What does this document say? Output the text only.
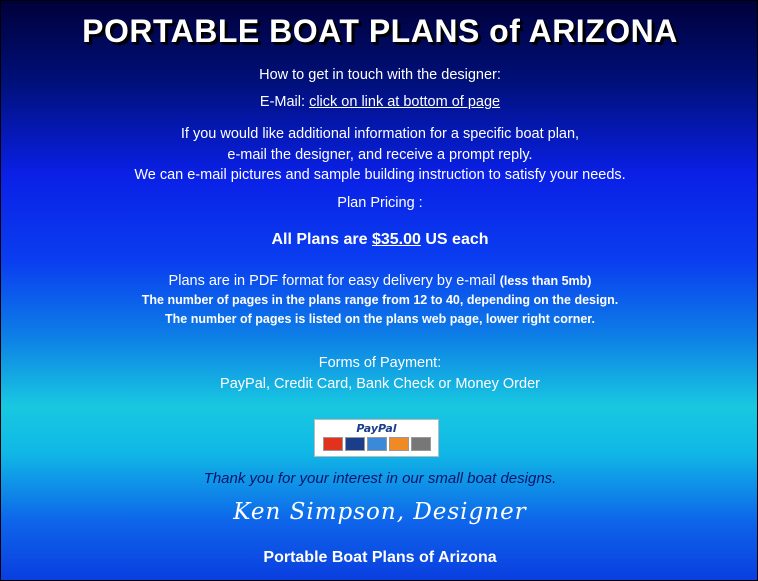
PORTABLE BOAT PLANS of ARIZONA
How to get in touch with the designer:
E-Mail: click on link at bottom of page
If you would like additional information for a specific boat plan,
e-mail the designer, and receive a prompt reply.
We can e-mail pictures and sample building instruction to satisfy your needs.
Plan Pricing :
All Plans are $35.00 US each
Plans are in PDF format for easy delivery by e-mail (less than 5mb)
The number of pages in the plans range from 12 to 40, depending on the design.
The number of pages is listed on the plans web page, lower right corner.
Forms of Payment:
PayPal, Credit Card, Bank Check or Money Order
PayPal
Thank you for your interest in our small boat designs.
Ken Simpson, Designer
Portable Boat Plans of Arizona
